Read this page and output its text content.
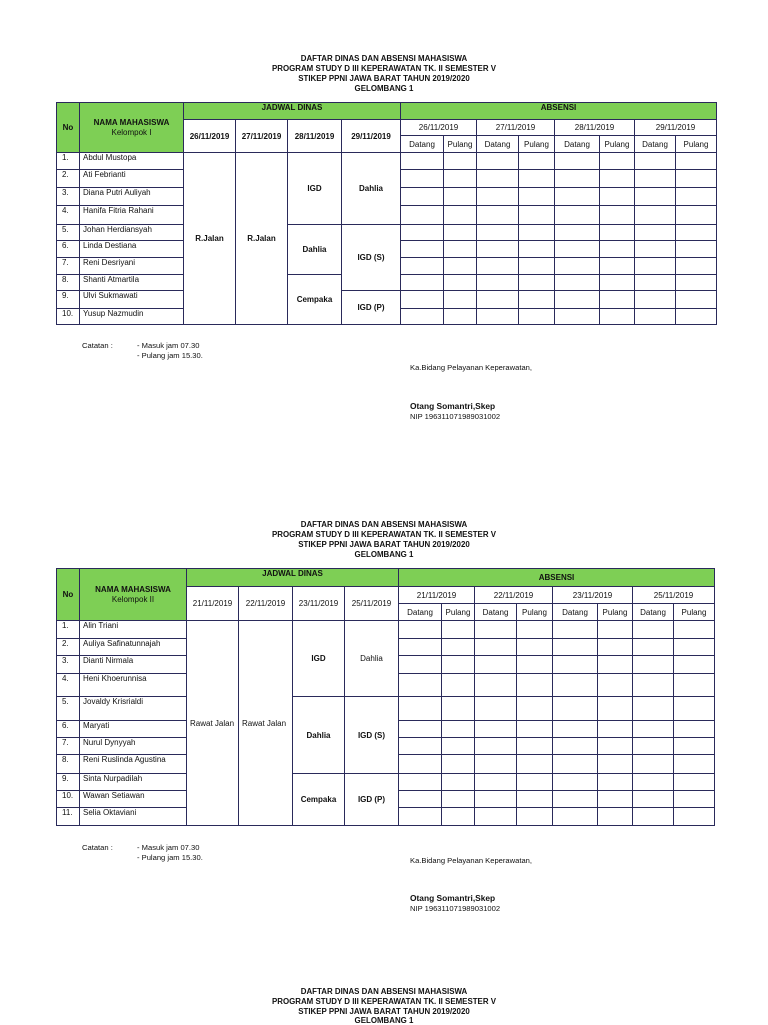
DAFTAR DINAS DAN ABSENSI MAHASISWA
PROGRAM STUDY D III KEPERAWATAN TK. II SEMESTER V
STIKEP PPNI JAWA BARAT TAHUN 2019/2020
GELOMBANG 1
No	NAMA MAHASISWA
Kelompok I	JADWAL DINAS				ABSENSI							
		26/11/2019	27/11/2019	28/11/2019	29/11/2019	26/11/2019		27/11/2019		28/11/2019		29/11/2019	
						Datang	Pulang	Datang	Pulang	Datang	Pulang	Datang	Pulang
1.	Abdul Mustopa	R.Jalan	R.Jalan	IGD	Dahlia								
2.	Ati Febrianti												
3.	Diana Putri Auliyah												
4.	Hanifa Fitria Rahani												
5.	Johan Herdiansyah			Dahlia	IGD (S)								
6.	Linda Destiana												
7.	Reni Desriyani												
8.	Shanti Atmartila			Cempaka									
9.	Ulvi Sukmawati				IGD (P)								
10.	Yusup Nazmudin												
Catatan :	- Masuk jam 07.30
- Pulang jam 15.30.
Ka.Bidang Pelayanan Keperawatan,
Otang Somantri,Skep
NIP 196311071989031002
DAFTAR DINAS DAN ABSENSI MAHASISWA
PROGRAM STUDY D III KEPERAWATAN TK. II SEMESTER V
STIKEP PPNI JAWA BARAT TAHUN 2019/2020
GELOMBANG 1
No	NAMA MAHASISWA
Kelompok II	JADWAL DINAS				ABSENSI							
		21/11/2019	22/11/2019	23/11/2019	25/11/2019	21/11/2019		22/11/2019		23/11/2019		25/11/2019	
						Datang	Pulang	Datang	Pulang	Datang	Pulang	Datang	Pulang
1.	Alin Triani	Rawat Jalan	Rawat Jalan	IGD	Dahlia								
2.	Auliya Safinatunnajah												
3.	Dianti Nirmala												
4.	Heni Khoerunnisa												
5.	Jovaldy Krisrialdi			Dahlia	IGD (S)								
6.	Maryati												
7.	Nurul Dynyyah												
8.	Reni Ruslinda Agustina												
9.	Sinta Nurpadilah			Cempaka	IGD (P)								
10.	Wawan Setiawan												
11.	Selia Oktaviani												
Catatan :	- Masuk jam 07.30
- Pulang jam 15.30.	Ka.Bidang Pelayanan Keperawatan,
Otang Somantri,Skep
NIP 196311071989031002
DAFTAR DINAS DAN ABSENSI MAHASISWA
PROGRAM STUDY D III KEPERAWATAN TK. II SEMESTER V
STIKEP PPNI JAWA BARAT TAHUN 2019/2020
GELOMBANG 1
